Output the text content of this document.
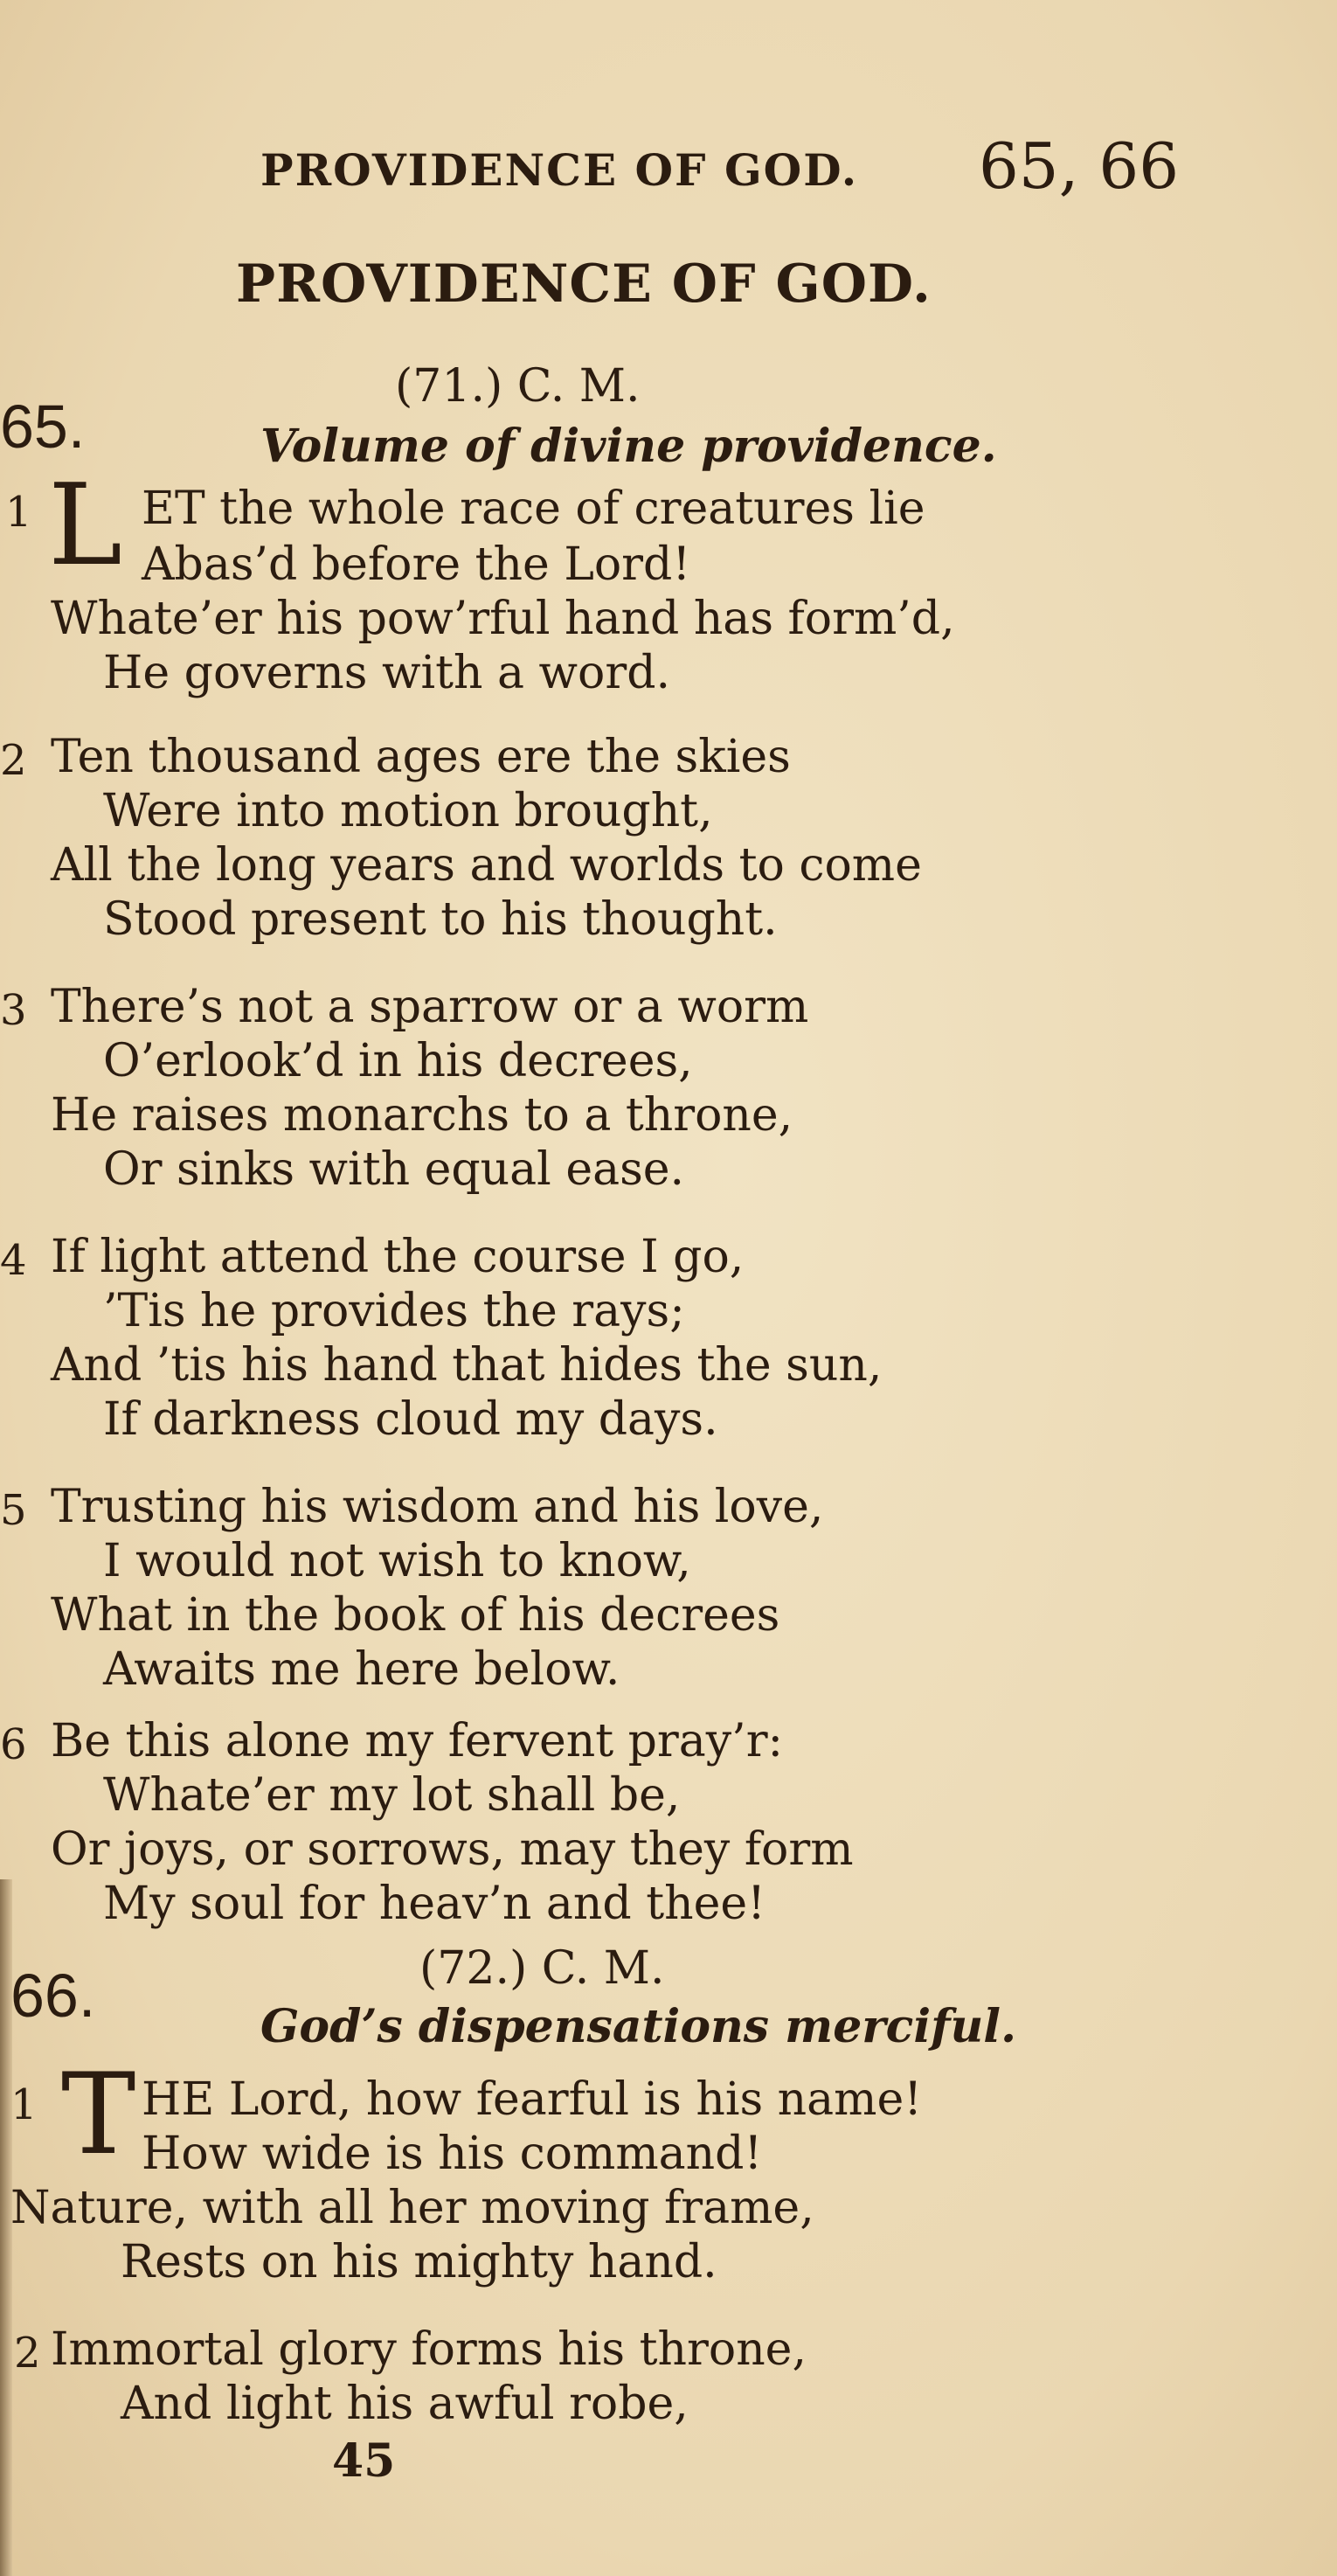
PROVIDENCE OF GOD. 65, 66
PROVIDENCE OF GOD.
65.
(71.) C. M.
Volume of divine providence.
1 L ET the whole race of creatures lie
Abas’d before the Lord!
Whate’er his pow’rful hand has form’d,
He governs with a word.
2 Ten thousand ages ere the skies
Were into motion brought,
All the long years and worlds to come
Stood present to his thought.
3 There’s not a sparrow or a worm
O’erlook’d in his decrees,
He raises monarchs to a throne,
Or sinks with equal ease.
4 If light attend the course I go,
’Tis he provides the rays;
And ’tis his hand that hides the sun,
If darkness cloud my days.
5 Trusting his wisdom and his love,
I would not wish to know,
What in the book of his decrees
Awaits me here below.
6 Be this alone my fervent pray’r:
Whate’er my lot shall be,
Or joys, or sorrows, may they form
My soul for heav’n and thee!
66.	(72.) C. M.
God’s dispensations merciful.
1 T HE Lord, how fearful is his name!
How wide is his command!
Nature, with all her moving frame,
Rests on his mighty hand.
2 Immortal glory forms his throne,
And light his awful robe,
45
